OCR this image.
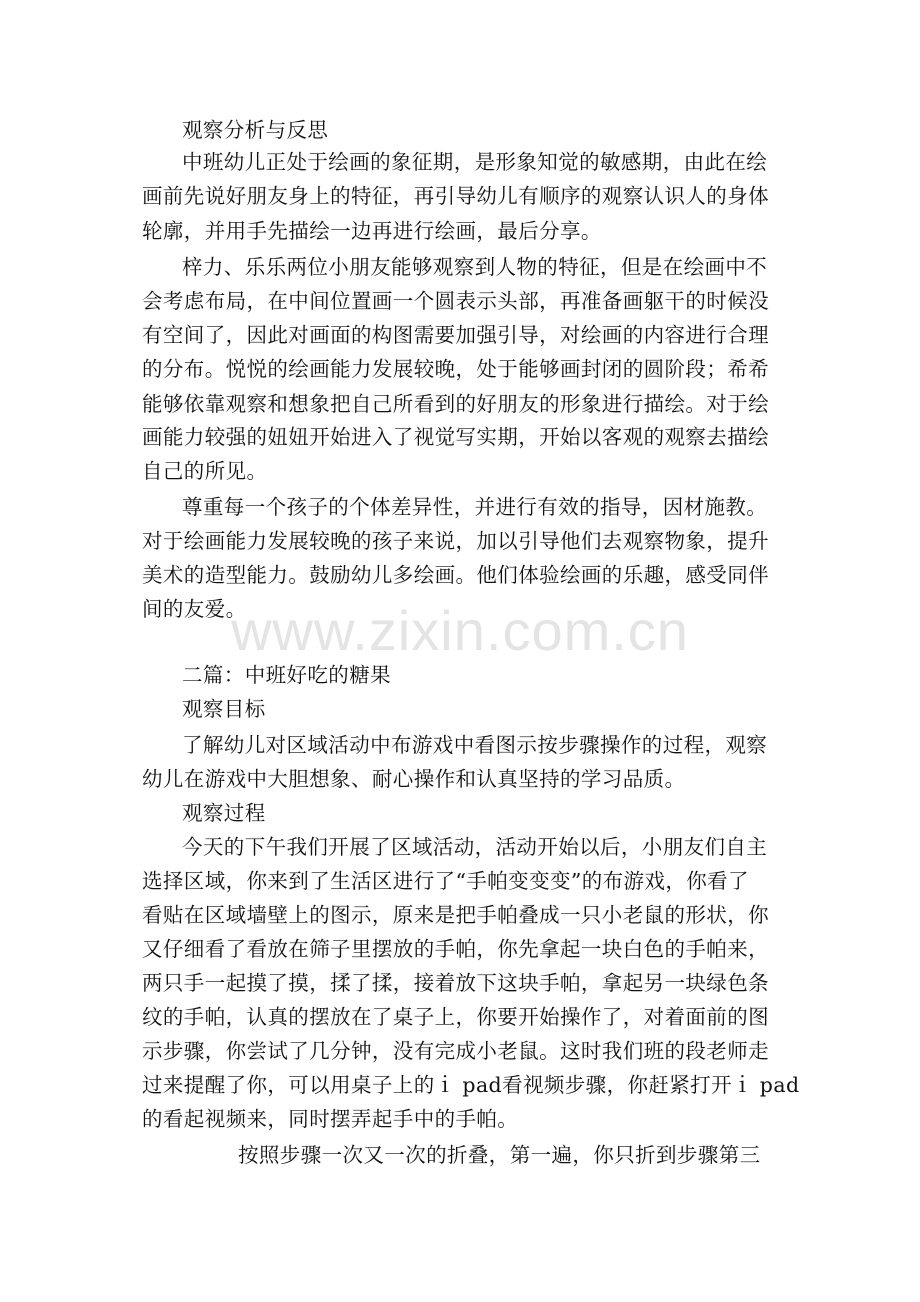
www.zixin.com.cn
观察分析与反思
中班幼儿正处于绘画的象征期，是形象知觉的敏感期，由此在绘
画前先说好朋友身上的特征，再引导幼儿有顺序的观察认识人的身体
轮廓，并用手先描绘一边再进行绘画，最后分享。
梓力、乐乐两位小朋友能够观察到人物的特征，但是在绘画中不
会考虑布局，在中间位置画一个圆表示头部，再准备画躯干的时候没
有空间了，因此对画面的构图需要加强引导，对绘画的内容进行合理
的分布。悦悦的绘画能力发展较晚，处于能够画封闭的圆阶段；希希
能够依靠观察和想象把自己所看到的好朋友的形象进行描绘。对于绘
画能力较强的妞妞开始进入了视觉写实期，开始以客观的观察去描绘
自己的所见。
尊重每一个孩子的个体差异性，并进行有效的指导，因材施教。
对于绘画能力发展较晚的孩子来说，加以引导他们去观察物象，提升
美术的造型能力。鼓励幼儿多绘画。他们体验绘画的乐趣，感受同伴
间的友爱。
二篇：中班好吃的糖果
观察目标
了解幼儿对区域活动中布游戏中看图示按步骤操作的过程，观察
幼儿在游戏中大胆想象、耐心操作和认真坚持的学习品质。
观察过程
今天的下午我们开展了区域活动，活动开始以后，小朋友们自主
选择区域，你来到了生活区进行了“手帕变变变”的布游戏，你看了
看贴在区域墙壁上的图示，原来是把手帕叠成一只小老鼠的形状，你
又仔细看了看放在筛子里摆放的手帕，你先拿起一块白色的手帕来，
两只手一起摸了摸，揉了揉，接着放下这块手帕，拿起另一块绿色条
纹的手帕，认真的摆放在了桌子上，你要开始操作了，对着面前的图
示步骤，你尝试了几分钟，没有完成小老鼠。这时我们班的段老师走
过来提醒了你，可以用桌子上的ｉ pad看视频步骤，你赶紧打开ｉ pad
的看起视频来，同时摆弄起手中的手帕。
按照步骤一次又一次的折叠，第一遍，你只折到步骤第三
